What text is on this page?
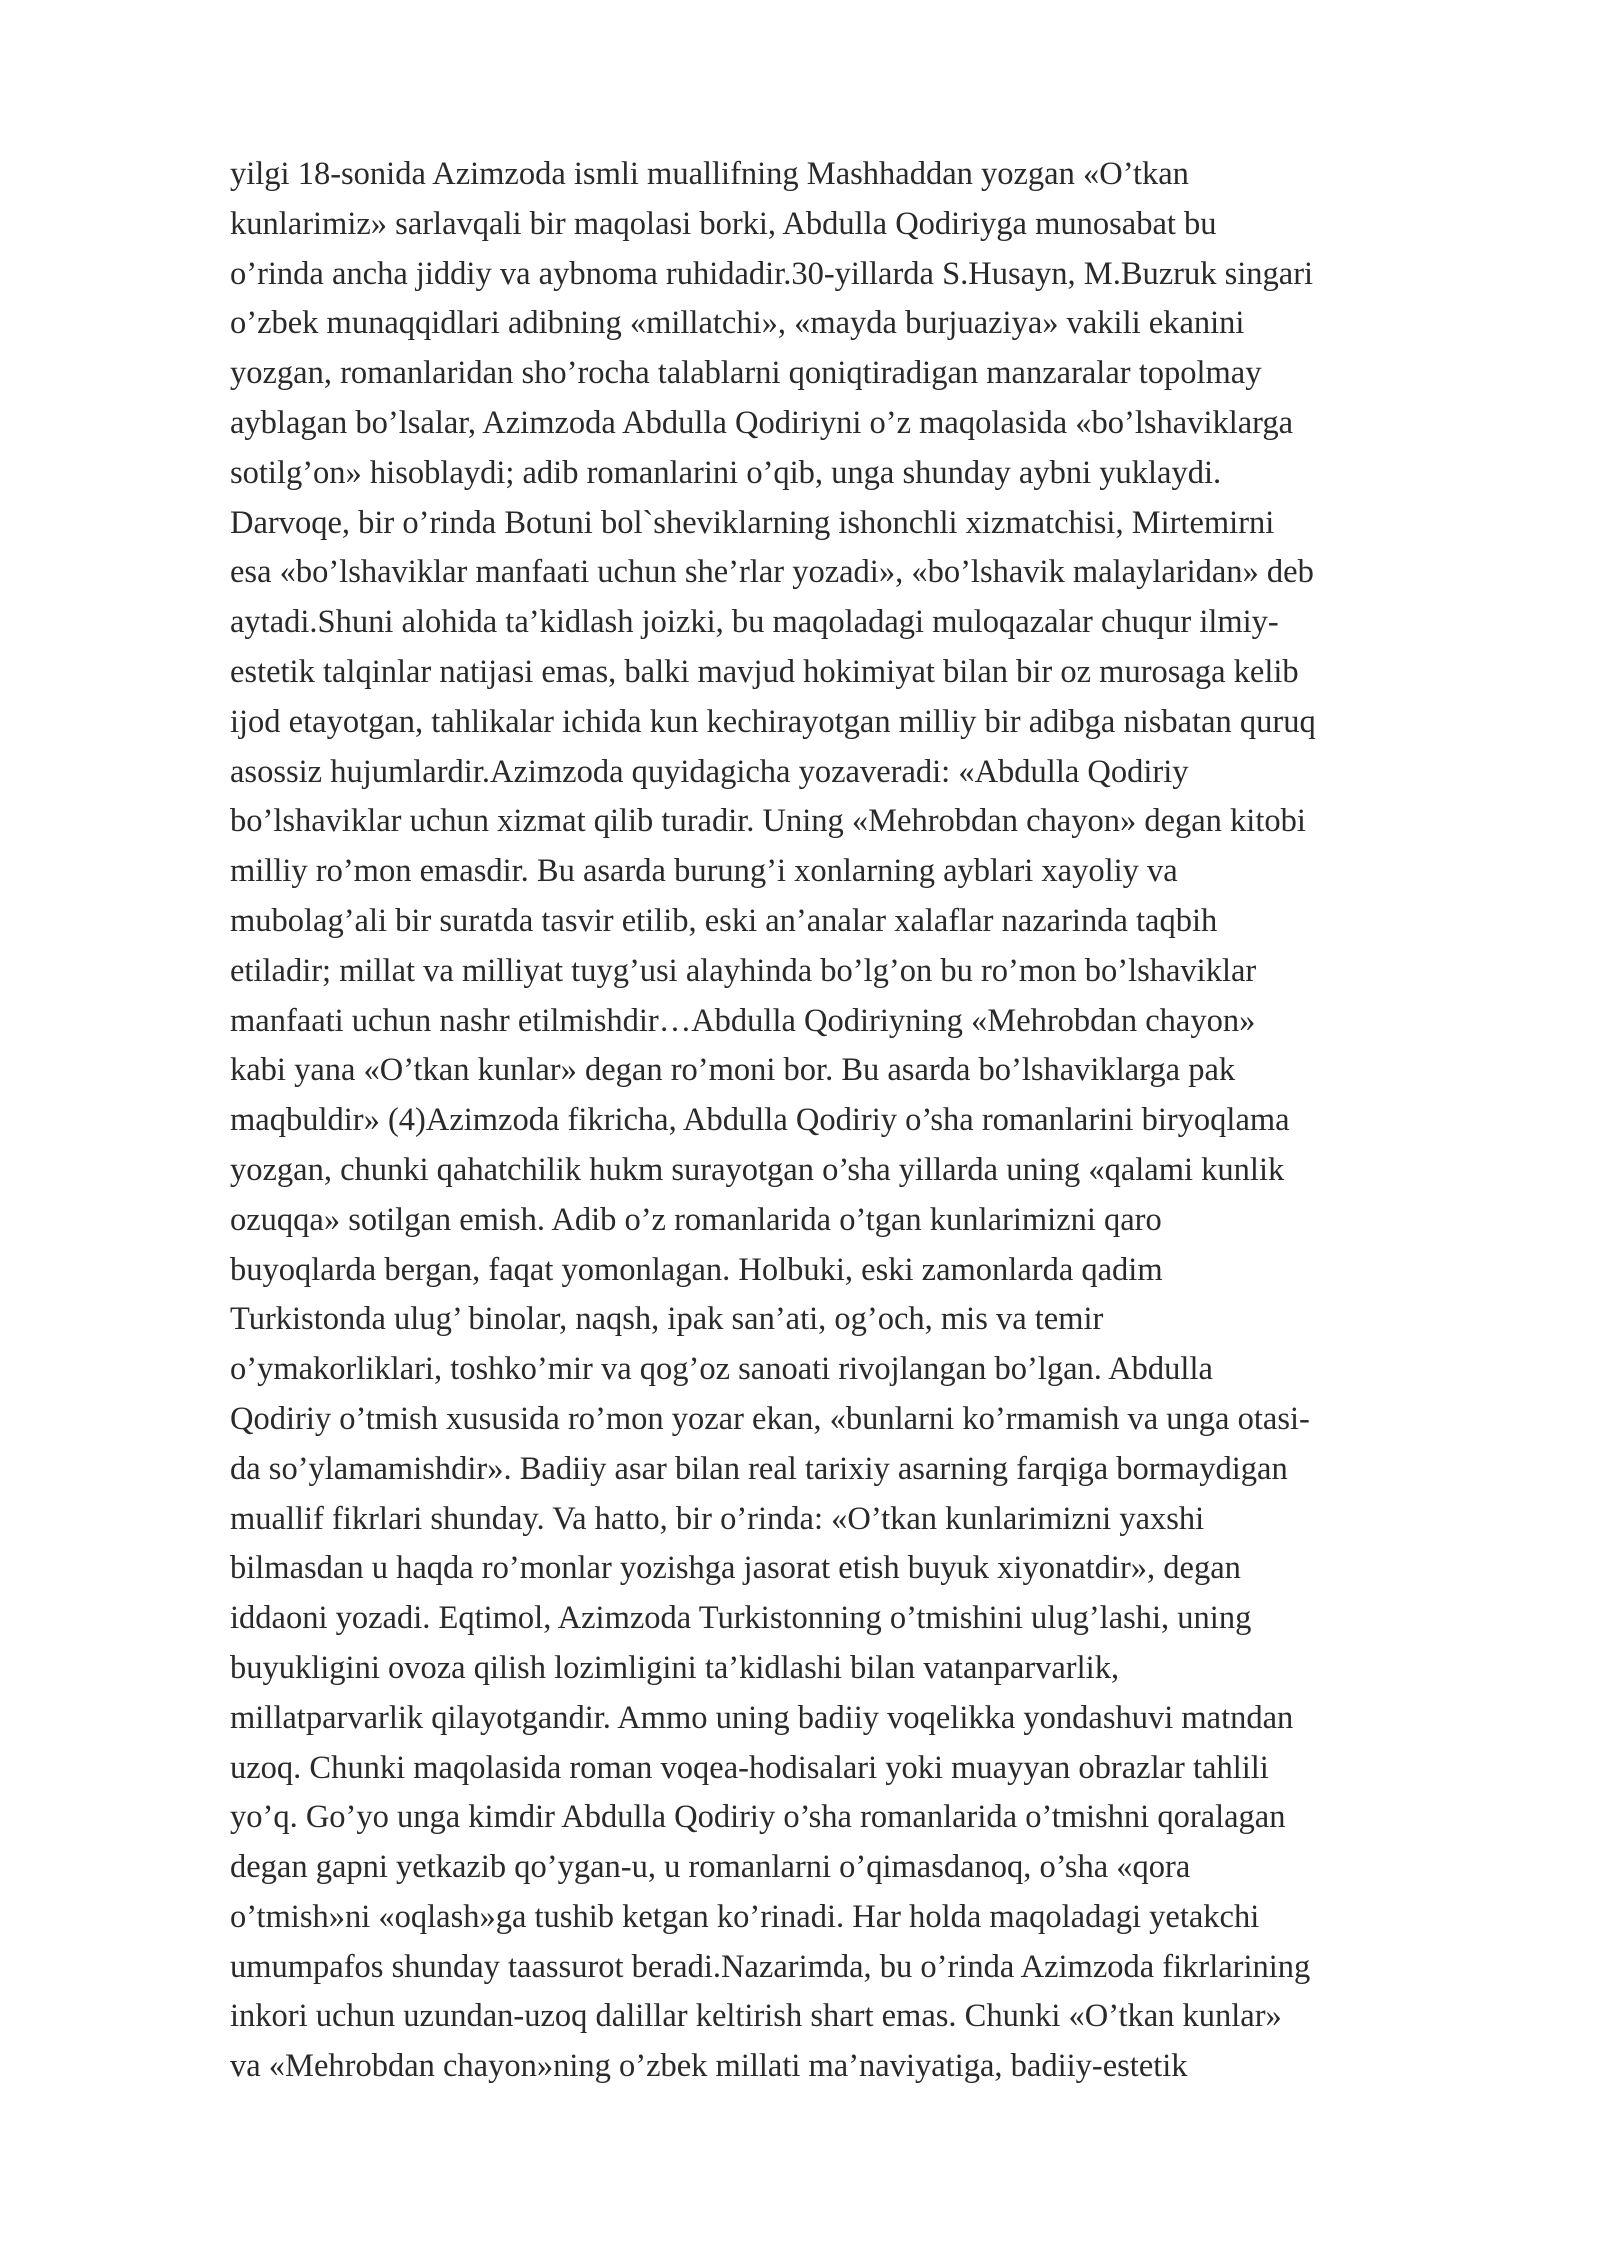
yilgi 18-sonida Azimzoda ismli muallifning Mashhaddan yozgan «O’tkan
kunlarimiz» sarlavqali bir maqolasi borki, Abdulla Qodiriyga munosabat bu
o’rinda ancha jiddiy va aybnoma ruhidadir.30-yillarda S.Husayn, M.Buzruk singari
o’zbek munaqqidlari adibning «millatchi», «mayda burjuaziya» vakili ekanini
yozgan, romanlaridan sho’rocha talablarni qoniqtiradigan manzaralar topolmay
ayblagan bo’lsalar, Azimzoda Abdulla Qodiriyni o’z maqolasida «bo’lshaviklarga
sotilg’on» hisoblaydi; adib romanlarini o’qib, unga shunday aybni yuklaydi.
Darvoqe, bir o’rinda Botuni bol`sheviklarning ishonchli xizmatchisi, Mirtemirni
esa «bo’lshaviklar manfaati uchun she’rlar yozadi», «bo’lshavik malaylaridan» deb
aytadi.Shuni alohida ta’kidlash joizki, bu maqoladagi muloqazalar chuqur ilmiy-
estetik talqinlar natijasi emas, balki mavjud hokimiyat bilan bir oz murosaga kelib
ijod etayotgan, tahlikalar ichida kun kechirayotgan milliy bir adibga nisbatan quruq
asossiz hujumlardir.Azimzoda quyidagicha yozaveradi: «Abdulla Qodiriy
bo’lshaviklar uchun xizmat qilib turadir. Uning «Mehrobdan chayon» degan kitobi
milliy ro’mon emasdir. Bu asarda burung’i xonlarning ayblari xayoliy va
mubolag’ali bir suratda tasvir etilib, eski an’analar xalaflar nazarinda taqbih
etiladir; millat va milliyat tuyg’usi alayhinda bo’lg’on bu ro’mon bo’lshaviklar
manfaati uchun nashr etilmishdir…Abdulla Qodiriyning «Mehrobdan chayon»
kabi yana «O’tkan kunlar» degan ro’moni bor. Bu asarda bo’lshaviklarga pak
maqbuldir» (4)Azimzoda fikricha, Abdulla Qodiriy o’sha romanlarini biryoqlama
yozgan, chunki qahatchilik hukm surayotgan o’sha yillarda uning «qalami kunlik
ozuqqa» sotilgan emish. Adib o’z romanlarida o’tgan kunlarimizni qaro
buyoqlarda bergan, faqat yomonlagan. Holbuki, eski zamonlarda qadim
Turkistonda ulug’ binolar, naqsh, ipak san’ati, og’och, mis va temir
o’ymakorliklari, toshko’mir va qog’oz sanoati rivojlangan bo’lgan. Abdulla
Qodiriy o’tmish xususida ro’mon yozar ekan, «bunlarni ko’rmamish va unga otasi-
da so’ylamamishdir». Badiiy asar bilan real tarixiy asarning farqiga bormaydigan
muallif fikrlari shunday. Va hatto, bir o’rinda: «O’tkan kunlarimizni yaxshi
bilmasdan u haqda ro’monlar yozishga jasorat etish buyuk xiyonatdir», degan
iddaoni yozadi. Eqtimol, Azimzoda Turkistonning o’tmishini ulug’lashi, uning
buyukligini ovoza qilish lozimligini ta’kidlashi bilan vatanparvarlik,
millatparvarlik qilayotgandir. Ammo uning badiiy voqelikka yondashuvi matndan
uzoq. Chunki maqolasida roman voqea-hodisalari yoki muayyan obrazlar tahlili
yo’q. Go’yo unga kimdir Abdulla Qodiriy o’sha romanlarida o’tmishni qoralagan
degan gapni yetkazib qo’ygan-u, u romanlarni o’qimasdanoq, o’sha «qora
o’tmish»ni «oqlash»ga tushib ketgan ko’rinadi. Har holda maqoladagi yetakchi
umumpafos shunday taassurot beradi.Nazarimda, bu o’rinda Azimzoda fikrlarining
inkori uchun uzundan-uzoq dalillar keltirish shart emas. Chunki «O’tkan kunlar»
va «Mehrobdan chayon»ning o’zbek millati ma’naviyatiga, badiiy-estetik
